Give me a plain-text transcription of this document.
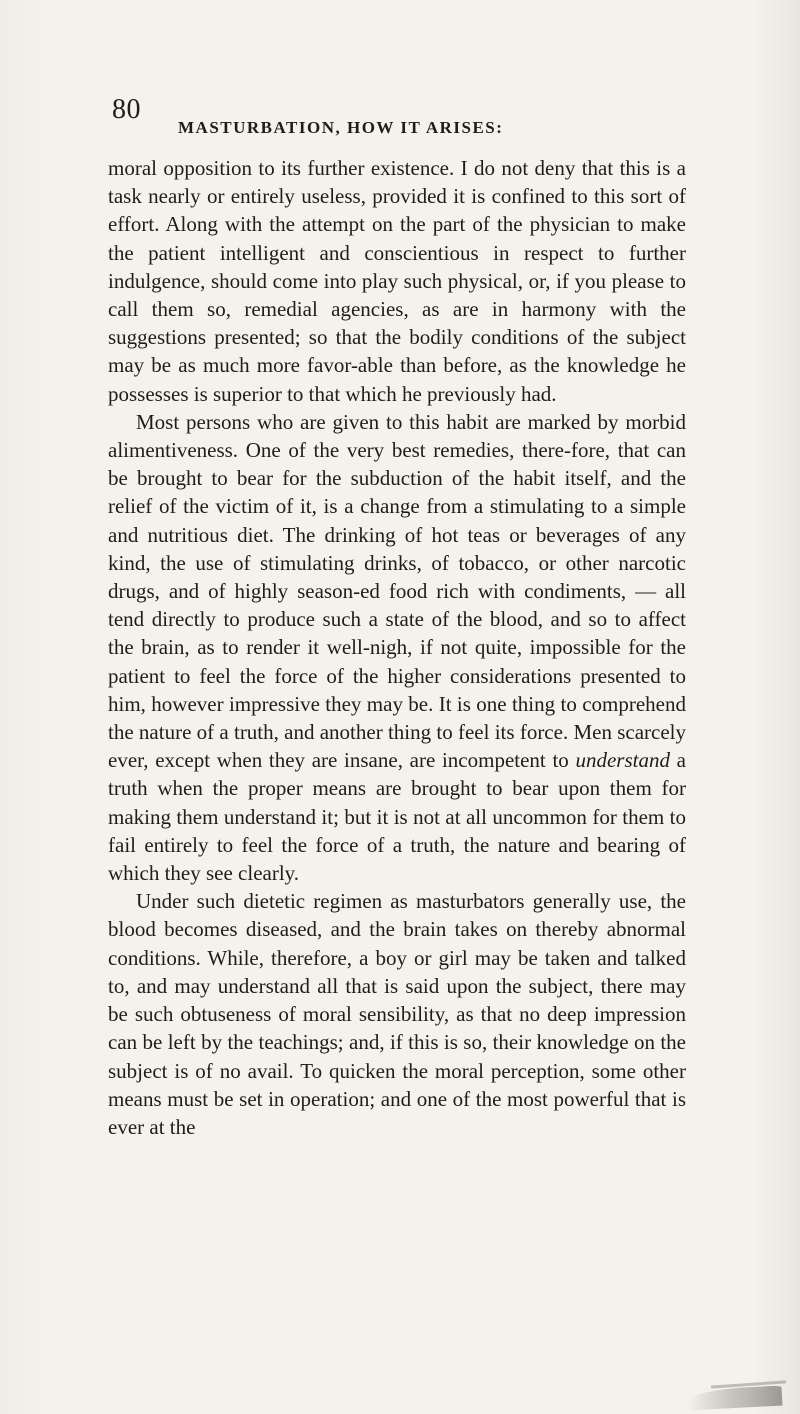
80
MASTURBATION, HOW IT ARISES:

moral opposition to its further existence. I do not deny that this is a task nearly or entirely useless, provided it is confined to this sort of effort. Along with the attempt on the part of the physician to make the patient intelligent and conscientious in respect to further indulgence, should come into play such physical, or, if you please to call them so, remedial agencies, as are in harmony with the suggestions presented; so that the bodily conditions of the subject may be as much more favor-able than before, as the knowledge he possesses is superior to that which he previously had.

Most persons who are given to this habit are marked by morbid alimentiveness. One of the very best remedies, there-fore, that can be brought to bear for the subduction of the habit itself, and the relief of the victim of it, is a change from a stimulating to a simple and nutritious diet. The drinking of hot teas or beverages of any kind, the use of stimulating drinks, of tobacco, or other narcotic drugs, and of highly season-ed food rich with condiments, — all tend directly to produce such a state of the blood, and so to affect the brain, as to render it well-nigh, if not quite, impossible for the patient to feel the force of the higher considerations presented to him, however impressive they may be. It is one thing to comprehend the nature of a truth, and another thing to feel its force. Men scarcely ever, except when they are insane, are incompetent to understand a truth when the proper means are brought to bear upon them for making them understand it; but it is not at all uncommon for them to fail entirely to feel the force of a truth, the nature and bearing of which they see clearly.

Under such dietetic regimen as masturbators generally use, the blood becomes diseased, and the brain takes on thereby abnormal conditions. While, therefore, a boy or girl may be taken and talked to, and may understand all that is said upon the subject, there may be such obtuseness of moral sensibility, as that no deep impression can be left by the teachings; and, if this is so, their knowledge on the subject is of no avail. To quicken the moral perception, some other means must be set in operation; and one of the most powerful that is ever at the
